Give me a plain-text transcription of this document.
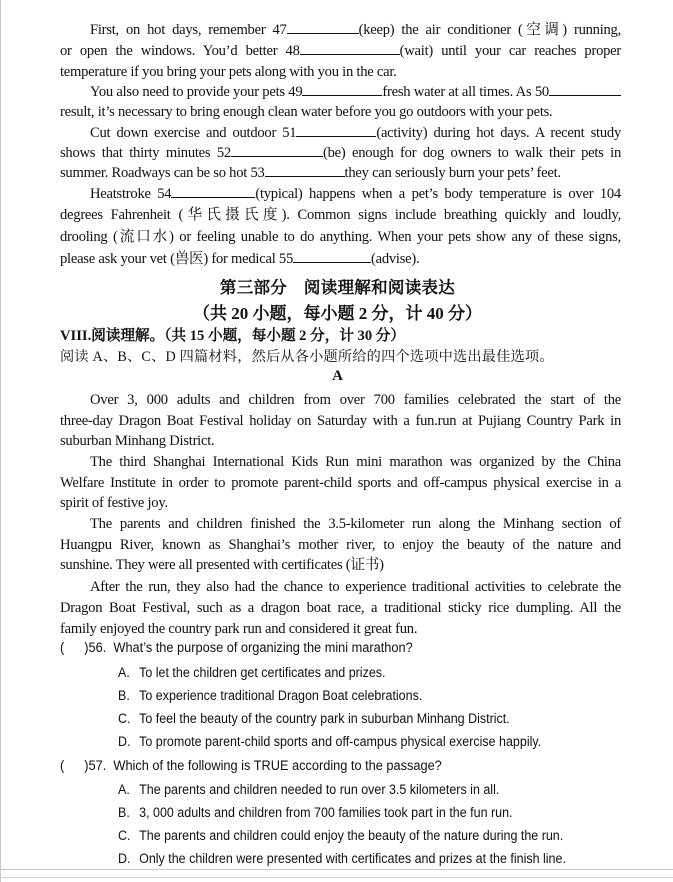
First, on hot days, remember 47	(keep) the air conditioner (空调) running,
or open the windows. You’d better 48	(wait) until your car reaches proper
temperature if you bring your pets along with you in the car.
You also need to provide your pets 49	fresh water at all times. As 50
result, it’s necessary to bring enough clean water before you go outdoors with your pets.
Cut down exercise and outdoor 51	(activity) during hot days. A recent study
shows that thirty minutes 52	(be) enough for dog owners to walk their pets in
summer. Roadways can be so hot 53	they can seriously burn your pets’ feet.
Heatstroke 54	(typical) happens when a pet’s body temperature is over 104
degrees Fahrenheit (华氏摄氏度). Common signs include breathing quickly and loudly,
drooling (流口水) or feeling unable to do anything. When your pets show any of these signs,
please ask your vet (兽医) for medical 55	(advise).
第三部分　阅读理解和阅读表达
（共 20 小题，每小题 2 分，计 40 分）
VIII.阅读理解。（共 15 小题，每小题 2 分，计 30 分）
阅读 A、B、C、D 四篇材料，然后从各小题所给的四个选项中选出最佳选项。
A
Over 3, 000 adults and children from over 700 families celebrated the start of the
three-day Dragon Boat Festival holiday on Saturday with a fun.run at Pujiang Country Park in
suburban Minhang District.
The third Shanghai International Kids Run mini marathon was organized by the China
Welfare Institute in order to promote parent-child sports and off-campus physical exercise in a
spirit of festive joy.
The parents and children finished the 3.5-kilometer run along the Minhang section of
Huangpu River, known as Shanghai’s mother river, to enjoy the beauty of the nature and
sunshine. They were all presented with certificates (证书)
After the run, they also had the chance to experience traditional activities to celebrate the
Dragon Boat Festival, such as a dragon boat race, a traditional sticky rice dumpling. All the
family enjoyed the country park run and considered it great fun.
( )56. What’s the purpose of organizing the mini marathon?
A. To let the children get certificates and prizes.
B. To experience traditional Dragon Boat celebrations.
C. To feel the beauty of the country park in suburban Minhang District.
D. To promote parent-child sports and off-campus physical exercise happily.
( )57. Which of the following is TRUE according to the passage?
A. The parents and children needed to run over 3.5 kilometers in all.
B. 3, 000 adults and children from 700 families took part in the fun run.
C. The parents and children could enjoy the beauty of the nature during the run.
D. Only the children were presented with certificates and prizes at the finish line.
